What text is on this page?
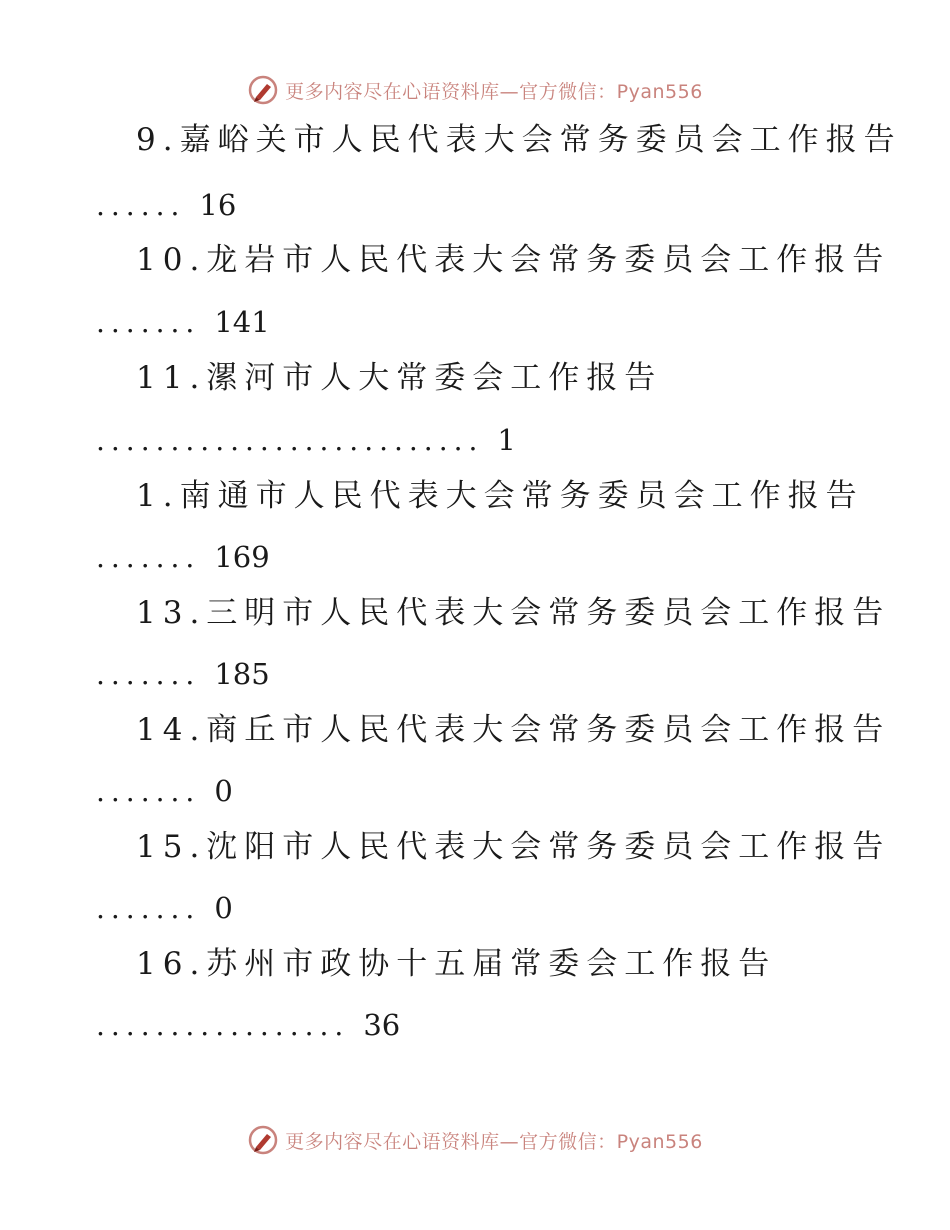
更多内容尽在心语资料库—官方微信：Pyan556
9.嘉峪关市人民代表大会常务委员会工作报告
...... 16
10.龙岩市人民代表大会常务委员会工作报告
....... 141
11.漯河市人大常委会工作报告
.......................... 1
1.南通市人民代表大会常务委员会工作报告
....... 169
13.三明市人民代表大会常务委员会工作报告
....... 185
14.商丘市人民代表大会常务委员会工作报告
....... 0
15.沈阳市人民代表大会常务委员会工作报告
....... 0
16.苏州市政协十五届常委会工作报告
................. 36
更多内容尽在心语资料库—官方微信：Pyan556
